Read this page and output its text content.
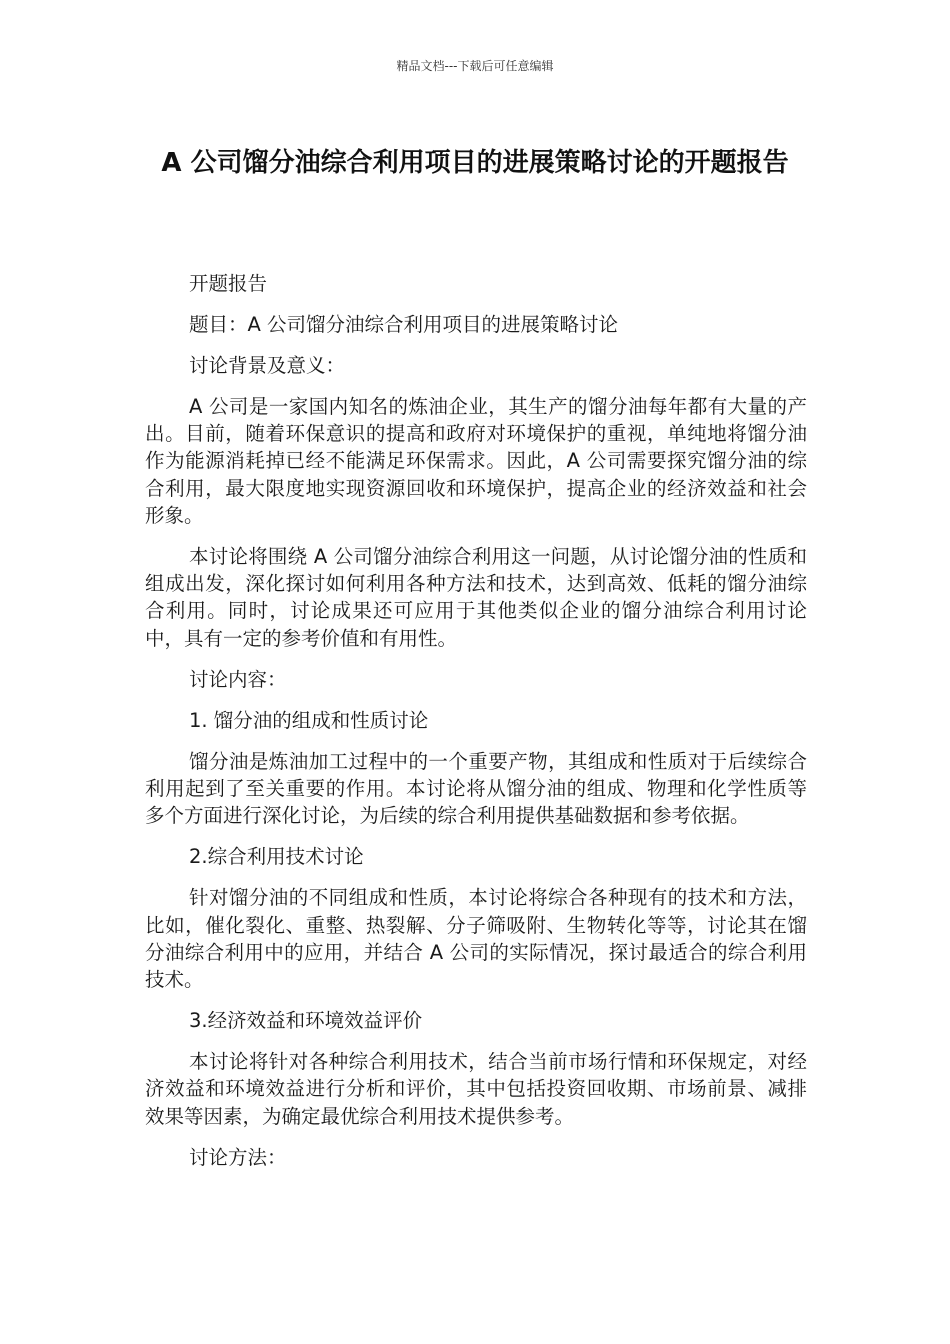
精品文档---下载后可任意编辑
A 公司馏分油综合利用项目的进展策略讨论的开题报告

开题报告

题目：A 公司馏分油综合利用项目的进展策略讨论

讨论背景及意义：

A 公司是一家国内知名的炼油企业，其生产的馏分油每年都有大量的产出。目前，随着环保意识的提高和政府对环境保护的重视，单纯地将馏分油作为能源消耗掉已经不能满足环保需求。因此，A 公司需要探究馏分油的综合利用，最大限度地实现资源回收和环境保护，提高企业的经济效益和社会形象。

本讨论将围绕 A 公司馏分油综合利用这一问题，从讨论馏分油的性质和组成出发，深化探讨如何利用各种方法和技术，达到高效、低耗的馏分油综合利用。同时，讨论成果还可应用于其他类似企业的馏分油综合利用讨论中，具有一定的参考价值和有用性。

讨论内容：

1. 馏分油的组成和性质讨论

馏分油是炼油加工过程中的一个重要产物，其组成和性质对于后续综合利用起到了至关重要的作用。本讨论将从馏分油的组成、物理和化学性质等多个方面进行深化讨论，为后续的综合利用提供基础数据和参考依据。

2.综合利用技术讨论

针对馏分油的不同组成和性质，本讨论将综合各种现有的技术和方法，比如，催化裂化、重整、热裂解、分子筛吸附、生物转化等等，讨论其在馏分油综合利用中的应用，并结合 A 公司的实际情况，探讨最适合的综合利用技术。

3.经济效益和环境效益评价

本讨论将针对各种综合利用技术，结合当前市场行情和环保规定，对经济效益和环境效益进行分析和评价，其中包括投资回收期、市场前景、减排效果等因素，为确定最优综合利用技术提供参考。

讨论方法：
